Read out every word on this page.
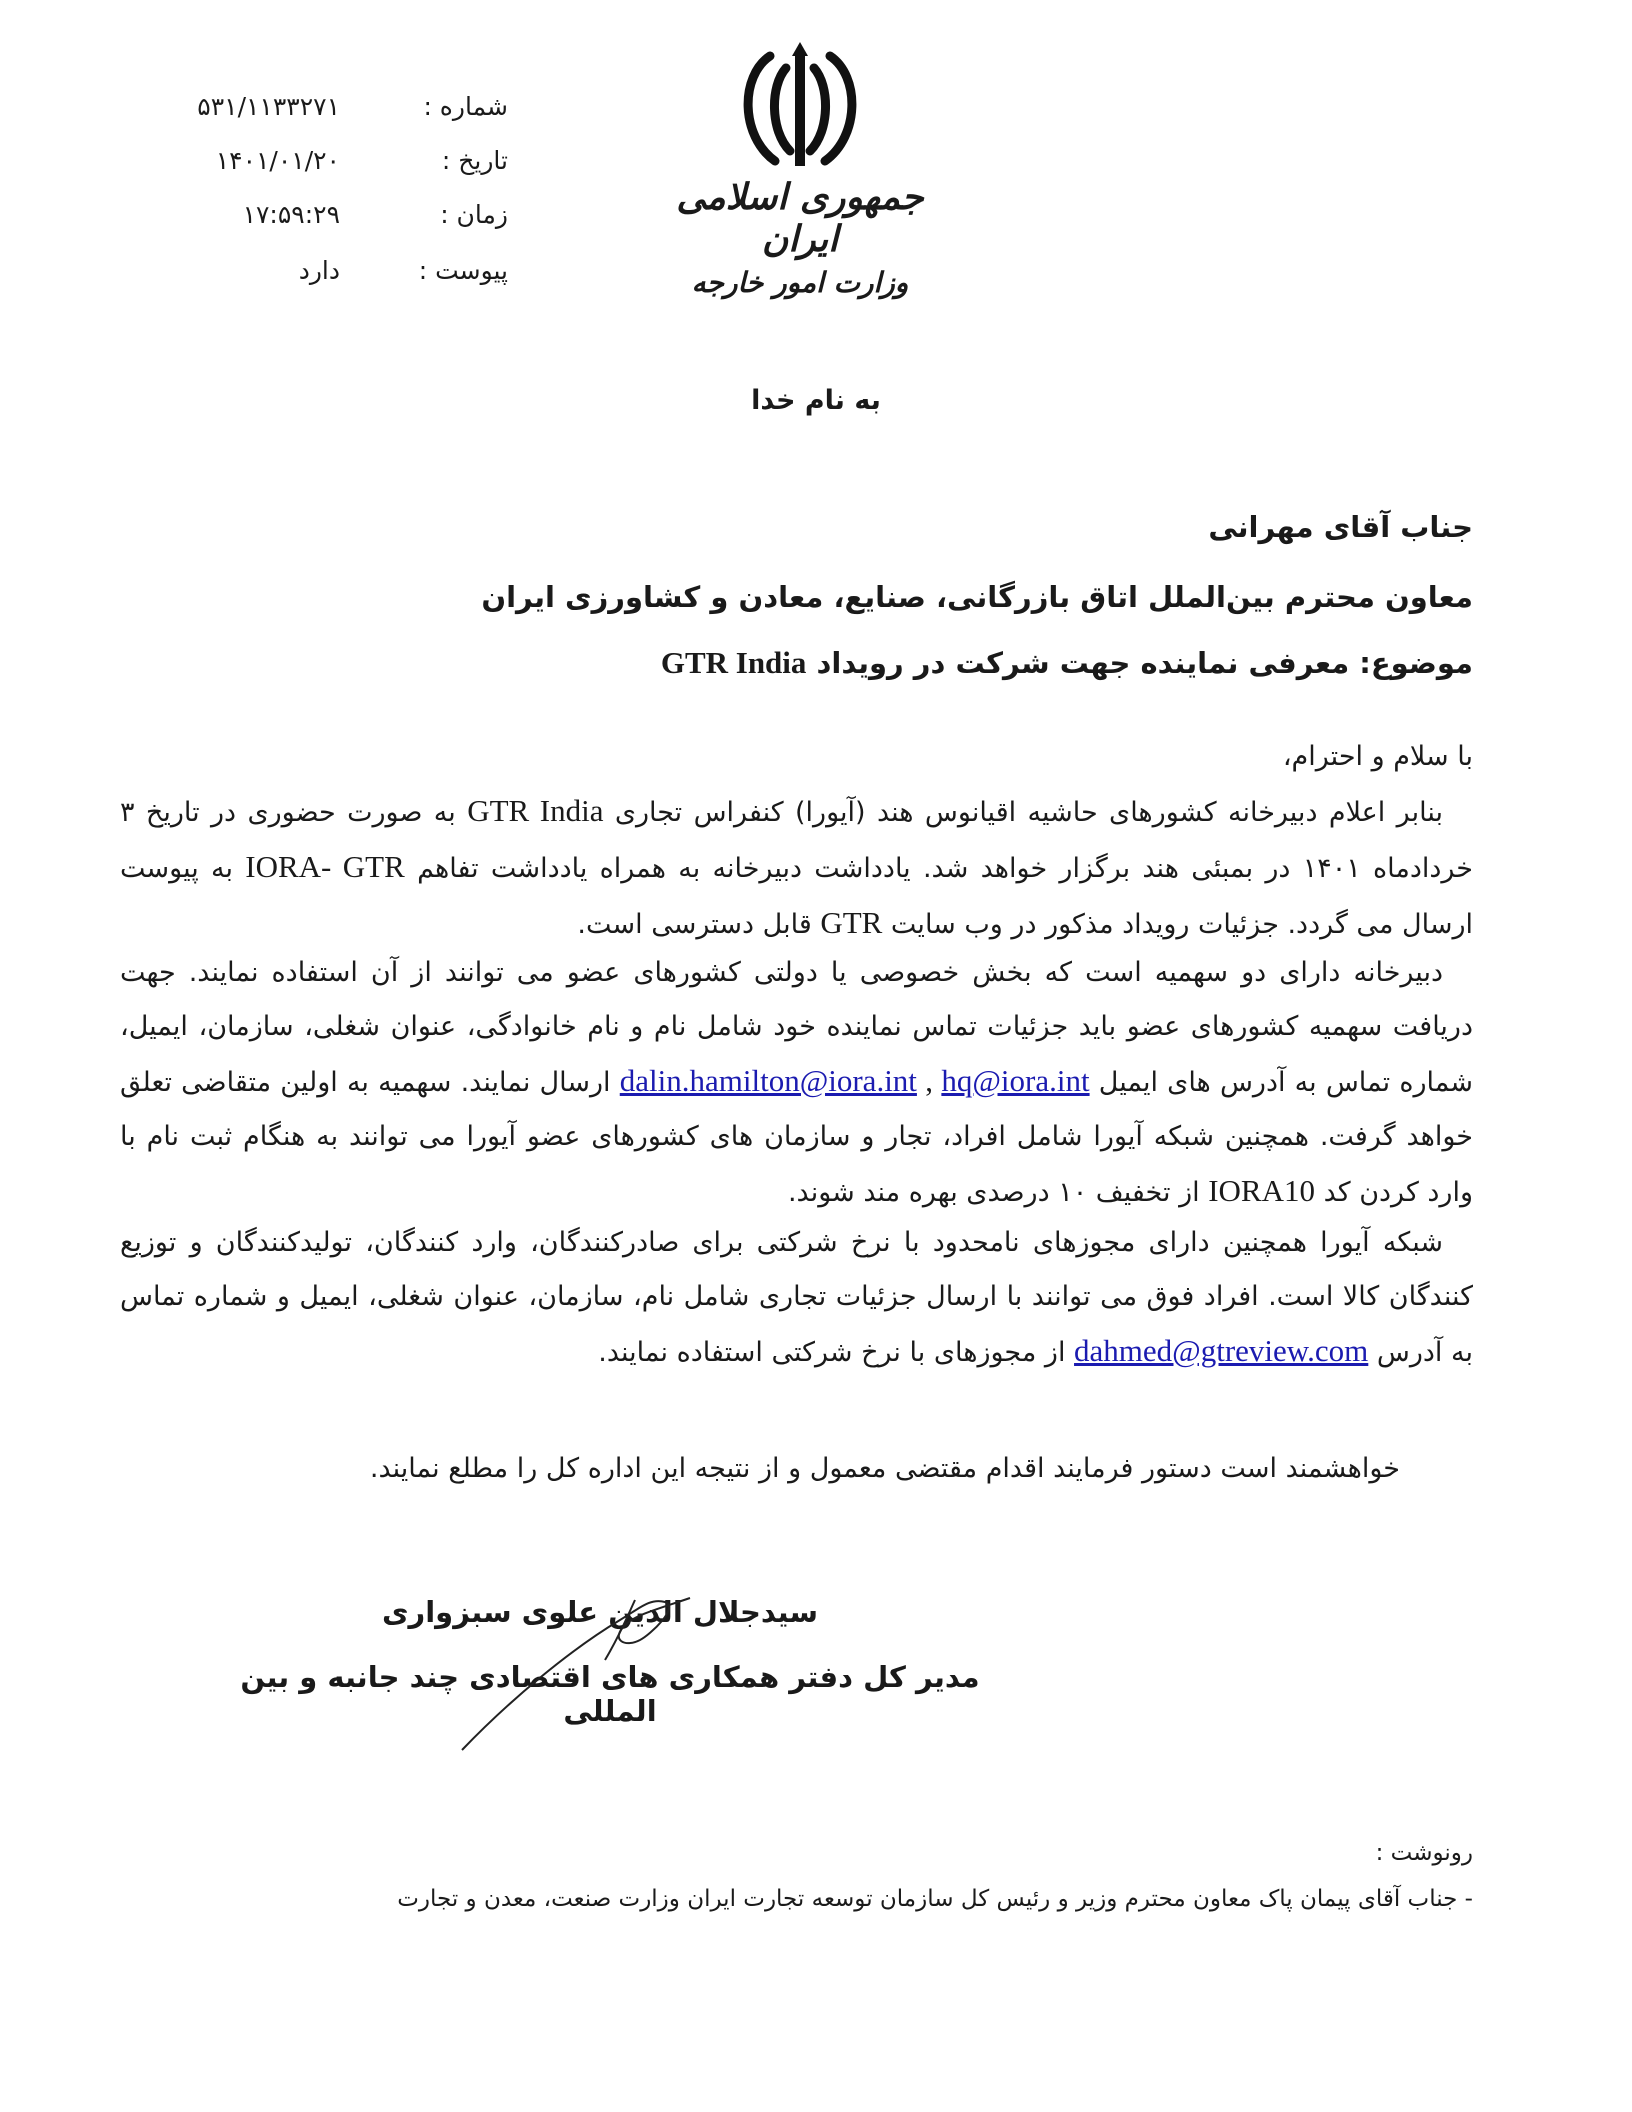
شماره :
۵۳۱/۱۱۳۳۲۷۱
تاریخ :
۱۴۰۱/۰۱/۲۰
زمان :
۱۷:۵۹:۲۹
پیوست :
دارد
جمهوری اسلامی ایران
وزارت امور خارجه
به نام خدا
جناب آقای مهرانی
معاون محترم بین‌الملل اتاق بازرگانی، صنایع، معادن و کشاورزی ایران
موضوع: معرفی نماینده جهت شرکت در رویداد GTR India
با سلام و احترام،
بنابر اعلام دبیرخانه کشورهای حاشیه اقیانوس هند (آیورا) کنفراس تجاری GTR India به صورت حضوری در تاریخ ۳ خردادماه ۱۴۰۱ در بمبئی هند برگزار خواهد شد. یادداشت دبیرخانه به همراه یادداشت تفاهم IORA- GTR به پیوست ارسال می گردد. جزئیات رویداد مذکور در وب سایت GTR قابل دسترسی است.
دبیرخانه دارای دو سهمیه است که بخش خصوصی یا دولتی کشورهای عضو می توانند از آن استفاده نمایند. جهت دریافت سهمیه کشورهای عضو باید جزئیات تماس نماینده خود شامل نام و نام خانوادگی، عنوان شغلی، سازمان، ایمیل، شماره تماس به آدرس های ایمیل dalin.hamilton@iora.int , hq@iora.int ارسال نمایند. سهمیه به اولین متقاضی تعلق خواهد گرفت. همچنین شبکه آیورا شامل افراد، تجار و سازمان های کشورهای عضو آیورا می توانند به هنگام ثبت نام با وارد کردن کد IORA10 از تخفیف ۱۰ درصدی بهره مند شوند.
شبکه آیورا همچنین دارای مجوزهای نامحدود با نرخ شرکتی برای صادرکنندگان، وارد کنندگان، تولیدکنندگان و توزیع کنندگان کالا است. افراد فوق می توانند با ارسال جزئیات تجاری شامل نام، سازمان، عنوان شغلی، ایمیل و شماره تماس به آدرس dahmed@gtreview.com از مجوزهای با نرخ شرکتی استفاده نمایند.
خواهشمند است دستور فرمایند اقدام مقتضی معمول و از نتیجه این اداره کل را مطلع نمایند.
سیدجلال الدین علوی سبزواری
مدیر کل دفتر همکاری های اقتصادی چند جانبه و بین المللی
رونوشت :
- جناب آقای پیمان پاک معاون محترم وزیر و رئیس کل سازمان توسعه تجارت ایران وزارت صنعت، معدن و تجارت
